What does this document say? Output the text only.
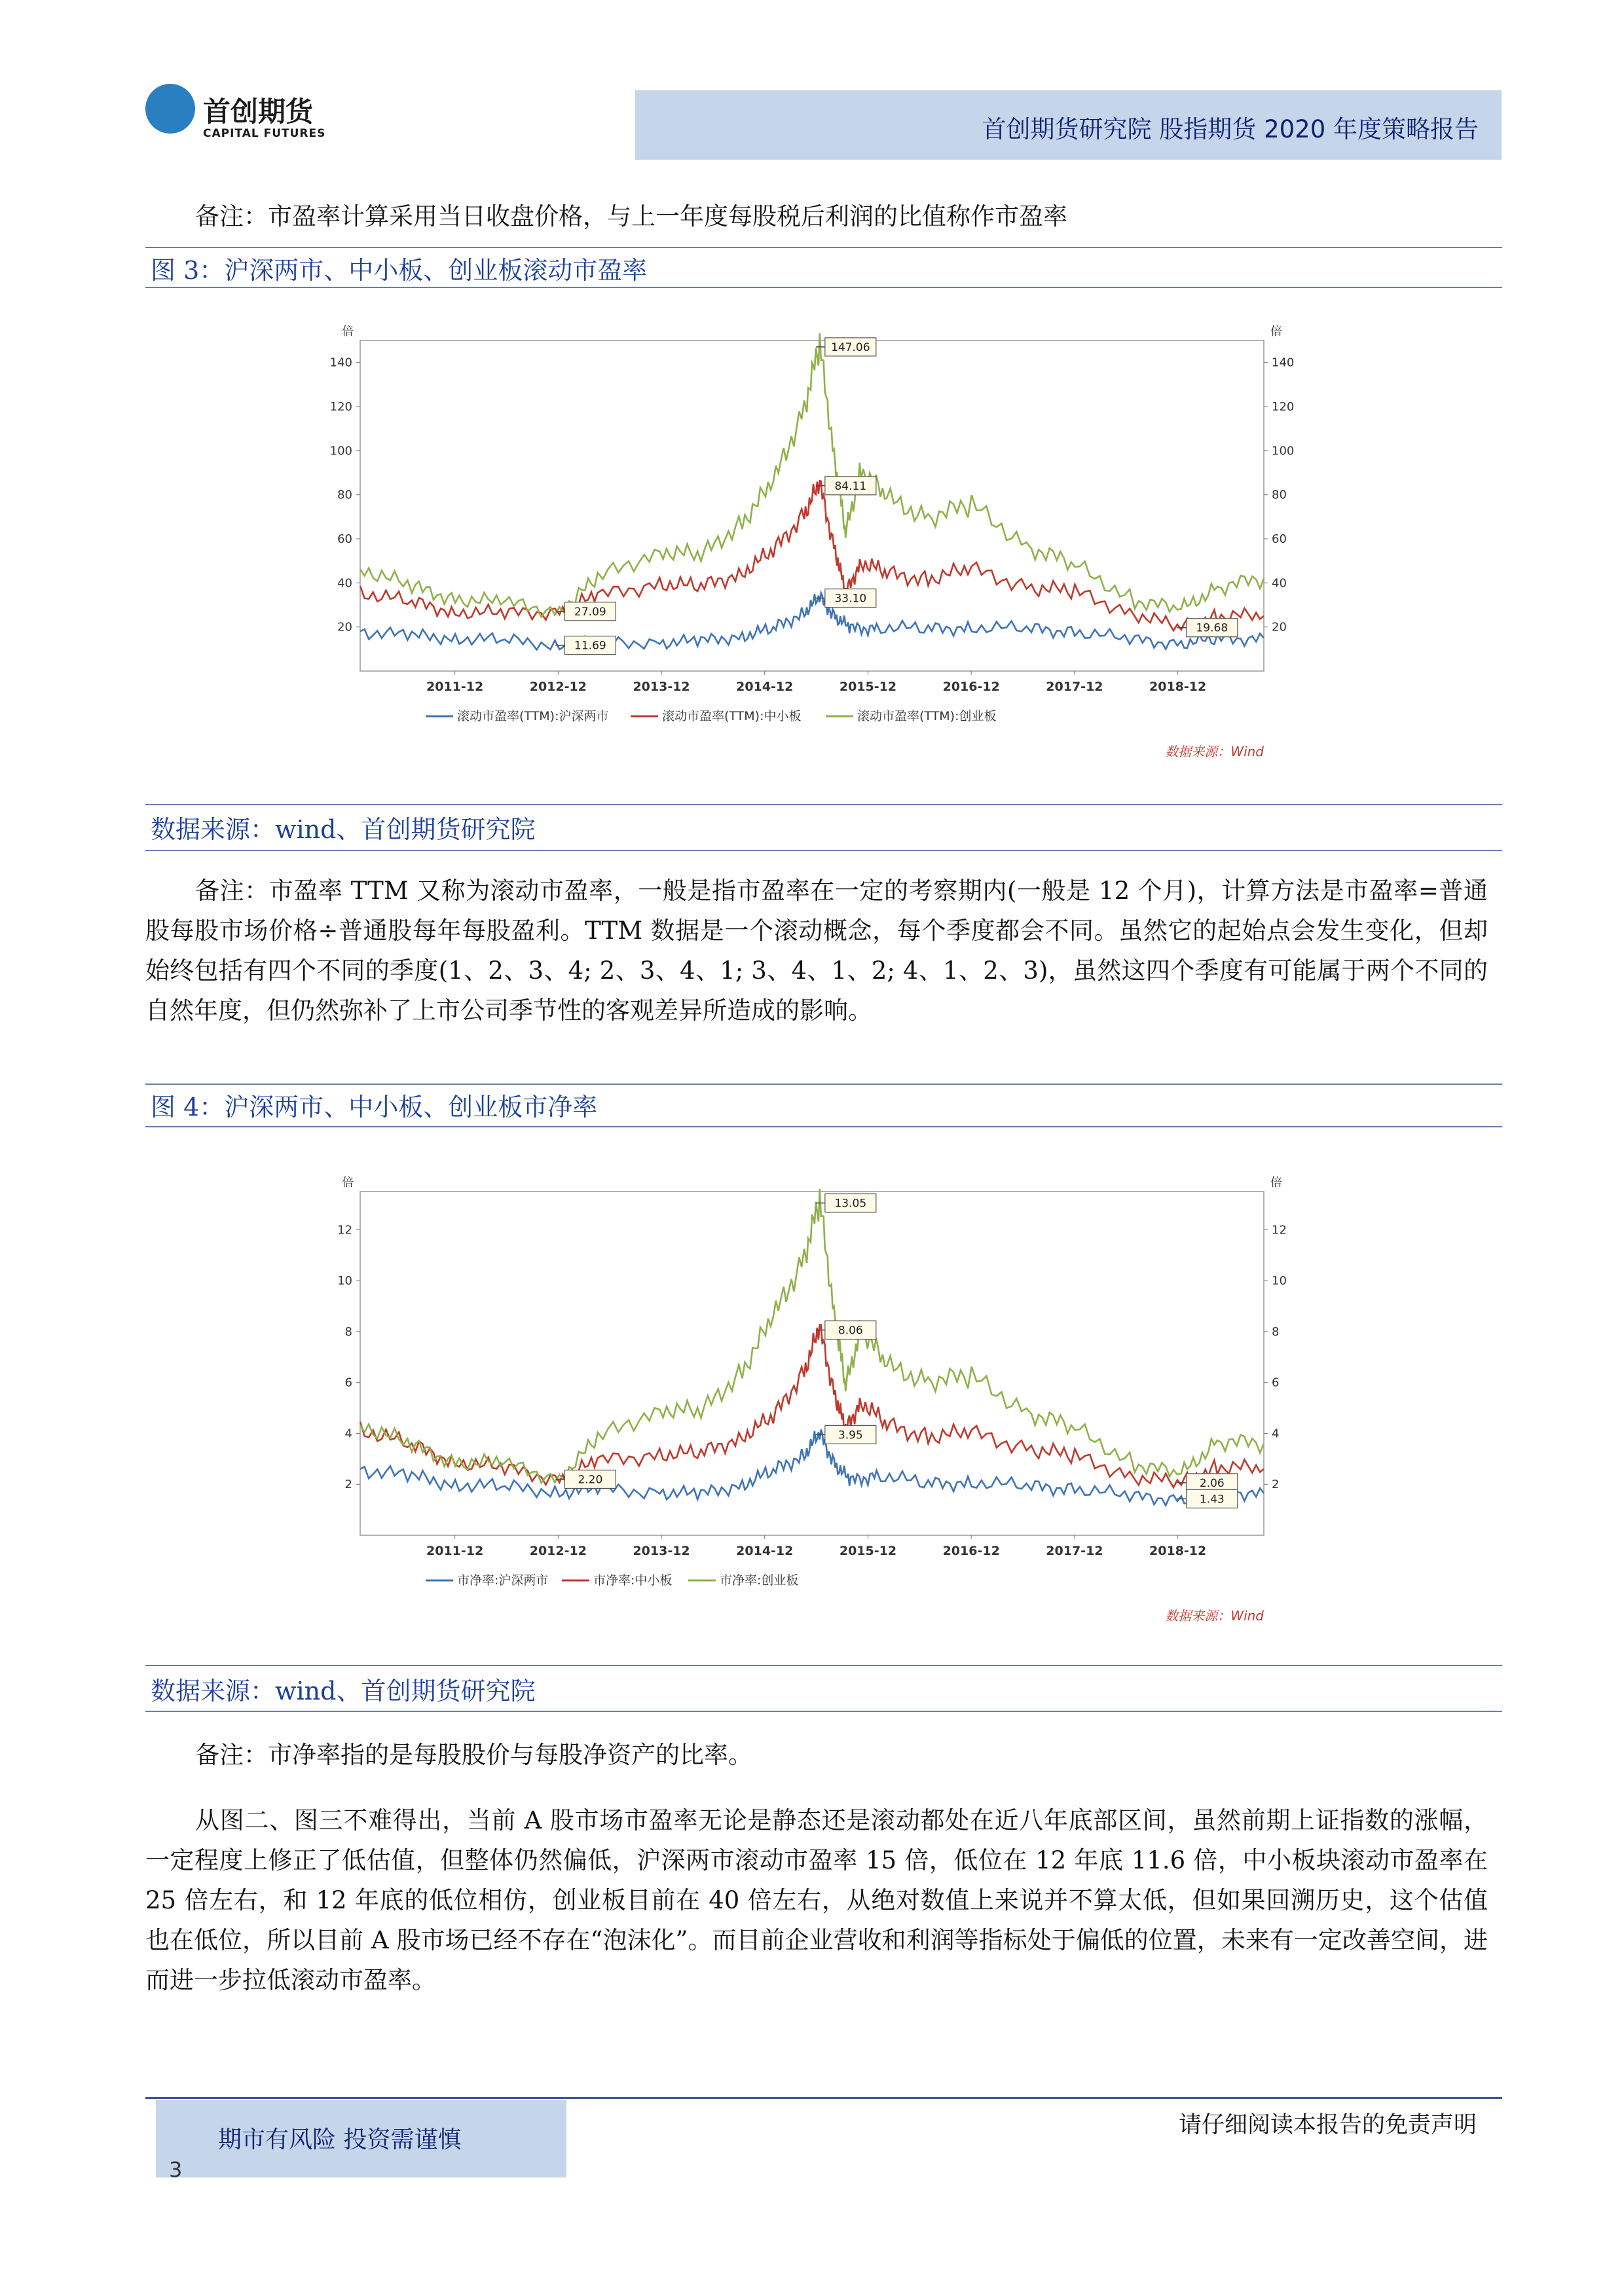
首创期货
CAPITAL FUTURES	首创期货研究院 股指期货 2020 年度策略报告
备注：市盈率计算采用当日收盘价格，与上一年度每股税后利润的比值称作市盈率
图 3：沪深两市、中小板、创业板滚动市盈率
倍	倍
20	20
40	40
60	60
80	80
100	100
120	120
140	140
2011-12	2012-12	2013-12	2014-12	2015-12	2016-12	2017-12	2018-12
147.06
84.11
33.10
27.09
11.69
19.68
滚动市盈率(TTM):沪深两市	滚动市盈率(TTM):中小板	滚动市盈率(TTM):创业板
数据来源：Wind
数据来源：wind、首创期货研究院
备注：市盈率 TTM 又称为滚动市盈率，一般是指市盈率在一定的考察期内(一般是 12 个月)，计算方法是市盈率=普通股每股市场价格÷普通股每年每股盈利。TTM 数据是一个滚动概念，每个季度都会不同。虽然它的起始点会发生变化，但却始终包括有四个不同的季度(1、2、3、4; 2、3、4、1; 3、4、1、2; 4、1、2、3)，虽然这四个季度有可能属于两个不同的自然年度，但仍然弥补了上市公司季节性的客观差异所造成的影响。
图 4：沪深两市、中小板、创业板市净率
倍	倍
2	2
4	4
6	6
8	8
10	10
12	12
2011-12	2012-12	2013-12	2014-12	2015-12	2016-12	2017-12	2018-12
13.05
8.06
3.95
2.20	2.06
1.43
市净率:沪深两市	市净率:中小板	市净率:创业板
数据来源：Wind
数据来源：wind、首创期货研究院
备注：市净率指的是每股股价与每股净资产的比率。
从图二、图三不难得出，当前 A 股市场市盈率无论是静态还是滚动都处在近八年底部区间，虽然前期上证指数的涨幅，一定程度上修正了低估值，但整体仍然偏低，沪深两市滚动市盈率 15 倍，低位在 12 年底 11.6 倍，中小板块滚动市盈率在 25 倍左右，和 12 年底的低位相仿，创业板目前在 40 倍左右，从绝对数值上来说并不算太低，但如果回溯历史，这个估值也在低位，所以目前 A 股市场已经不存在“泡沫化”。而目前企业营收和利润等指标处于偏低的位置，未来有一定改善空间，进而进一步拉低滚动市盈率。
期市有风险 投资需谨慎
请仔细阅读本报告的免责声明
3
